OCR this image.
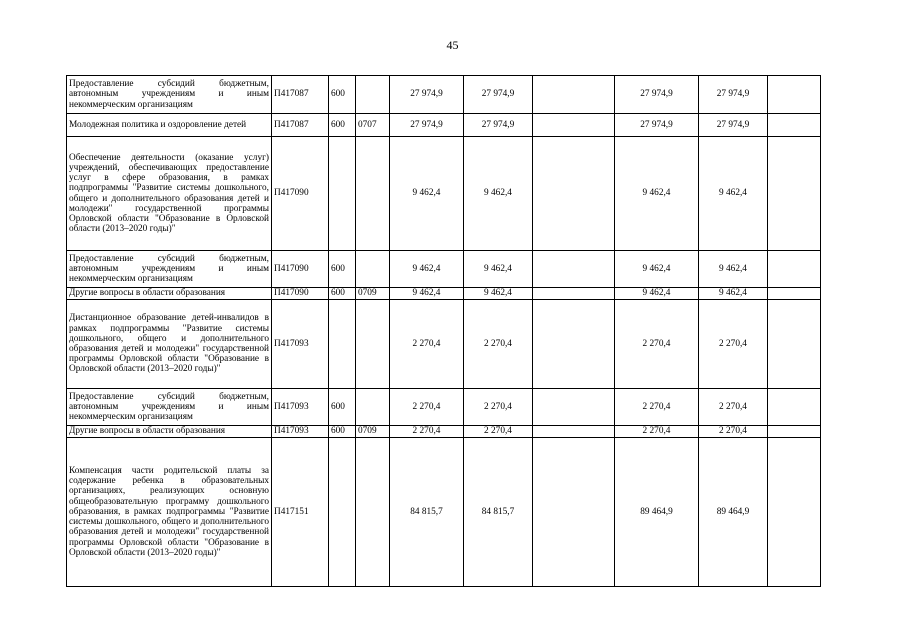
45
Предоставление субсидий бюджетным, автономным учреждениям и иным некоммерческим организациям	П417087	600		27 974,9	27 974,9		27 974,9	27 974,9	
Молодежная политика и оздоровление детей	П417087	600	0707	27 974,9	27 974,9		27 974,9	27 974,9	
Обеспечение деятельности (оказание услуг) учреждений, обеспечивающих предоставление услуг в сфере образования, в рамках подпрограммы "Развитие системы дошкольного, общего и дополнительного образования детей и молодежи" государственной программы Орловской области "Образование в Орловской области (2013–2020 годы)"	П417090			9 462,4	9 462,4		9 462,4	9 462,4	
Предоставление субсидий бюджетным, автономным учреждениям и иным некоммерческим организациям	П417090	600		9 462,4	9 462,4		9 462,4	9 462,4	
Другие вопросы в области образования	П417090	600	0709	9 462,4	9 462,4		9 462,4	9 462,4	
Дистанционное образование детей-инвалидов в рамках подпрограммы "Развитие системы дошкольного, общего и дополнительного образования детей и молодежи" государственной программы Орловской области "Образование в Орловской области (2013–2020 годы)"	П417093			2 270,4	2 270,4		2 270,4	2 270,4	
Предоставление субсидий бюджетным, автономным учреждениям и иным некоммерческим организациям	П417093	600		2 270,4	2 270,4		2 270,4	2 270,4	
Другие вопросы в области образования	П417093	600	0709	2 270,4	2 270,4		2 270,4	2 270,4	
Компенсация части родительской платы за содержание ребенка в образовательных организациях, реализующих основную общеобразовательную программу дошкольного образования, в рамках подпрограммы "Развитие системы дошкольного, общего и дополнительного образования детей и молодежи" государственной программы Орловской области "Образование в Орловской области (2013–2020 годы)"	П417151			84 815,7	84 815,7		89 464,9	89 464,9	
